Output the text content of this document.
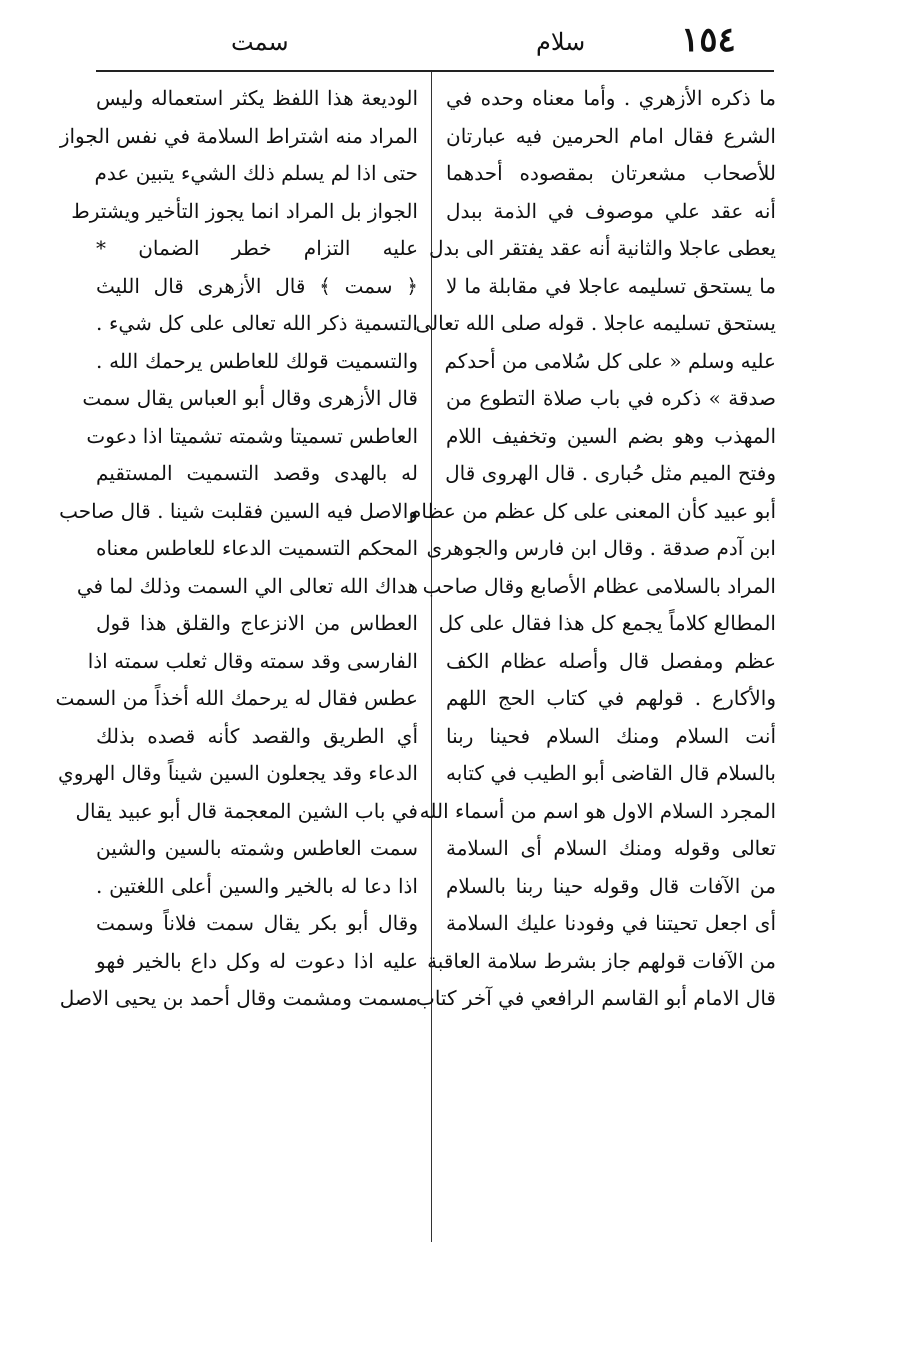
سمت	سلام	١٥٤
ما ذكره الأزهري . وأما معناه وحده في
الشرع فقال امام الحرمين فيه عبارتان
للأصحاب مشعرتان بمقصوده أحدهما
أنه عقد علي موصوف في الذمة ببدل
يعطى عاجلا والثانية أنه عقد يفتقر الى بدل
ما يستحق تسليمه عاجلا في مقابلة ما لا
يستحق تسليمه عاجلا . قوله صلى الله تعالى
عليه وسلم « على كل سُلامى من أحدكم
صدقة » ذكره في باب صلاة التطوع من
المهذب وهو بضم السين وتخفيف اللام
وفتح الميم مثل حُبارى . قال الهروى قال
أبو عبيد كأن المعنى على كل عظم من عظام
ابن آدم صدقة . وقال ابن فارس والجوهرى
المراد بالسلامى عظام الأصابع وقال صاحب
المطالع كلاماً يجمع كل هذا فقال على كل
عظم ومفصل قال وأصله عظام الكف
والأكارع . قولهم في كتاب الحج اللهم
أنت السلام ومنك السلام فحينا ربنا
بالسلام قال القاضى أبو الطيب في كتابه
المجرد السلام الاول هو اسم من أسماء الله
تعالى وقوله ومنك السلام أى السلامة
من الآفات قال وقوله حينا ربنا بالسلام
أى اجعل تحيتنا في وفودنا عليك السلامة
من الآفات قولهم جاز بشرط سلامة العاقبة
قال الامام أبو القاسم الرافعي في آخر كتاب
الوديعة هذا اللفظ يكثر استعماله وليس
المراد منه اشتراط السلامة في نفس الجواز
حتى اذا لم يسلم ذلك الشيء يتبين عدم
الجواز بل المراد انما يجوز التأخير ويشترط
عليه التزام خطر الضمان *
﴿ سمت ﴾ قال الأزهرى قال الليث
التسمية ذكر الله تعالى على كل شيء .
والتسميت قولك للعاطس يرحمك الله .
قال الأزهرى وقال أبو العباس يقال سمت
العاطس تسميتا وشمته تشميتا اذا دعوت
له بالهدى وقصد التسميت المستقيم
والاصل فيه السين فقلبت شينا . قال صاحب
المحكم التسميت الدعاء للعاطس معناه
هداك الله تعالى الي السمت وذلك لما في
العطاس من الانزعاج والقلق هذا قول
الفارسى وقد سمته وقال ثعلب سمته اذا
عطس فقال له يرحمك الله أخذاً من السمت
أي الطريق والقصد كأنه قصده بذلك
الدعاء وقد يجعلون السين شيناً وقال الهروي
في باب الشين المعجمة قال أبو عبيد يقال
سمت العاطس وشمته بالسين والشين
اذا دعا له بالخير والسين أعلى اللغتين .
وقال أبو بكر يقال سمت فلاناً وسمت
عليه اذا دعوت له وكل داع بالخير فهو
مسمت ومشمت وقال أحمد بن يحيى الاصل
